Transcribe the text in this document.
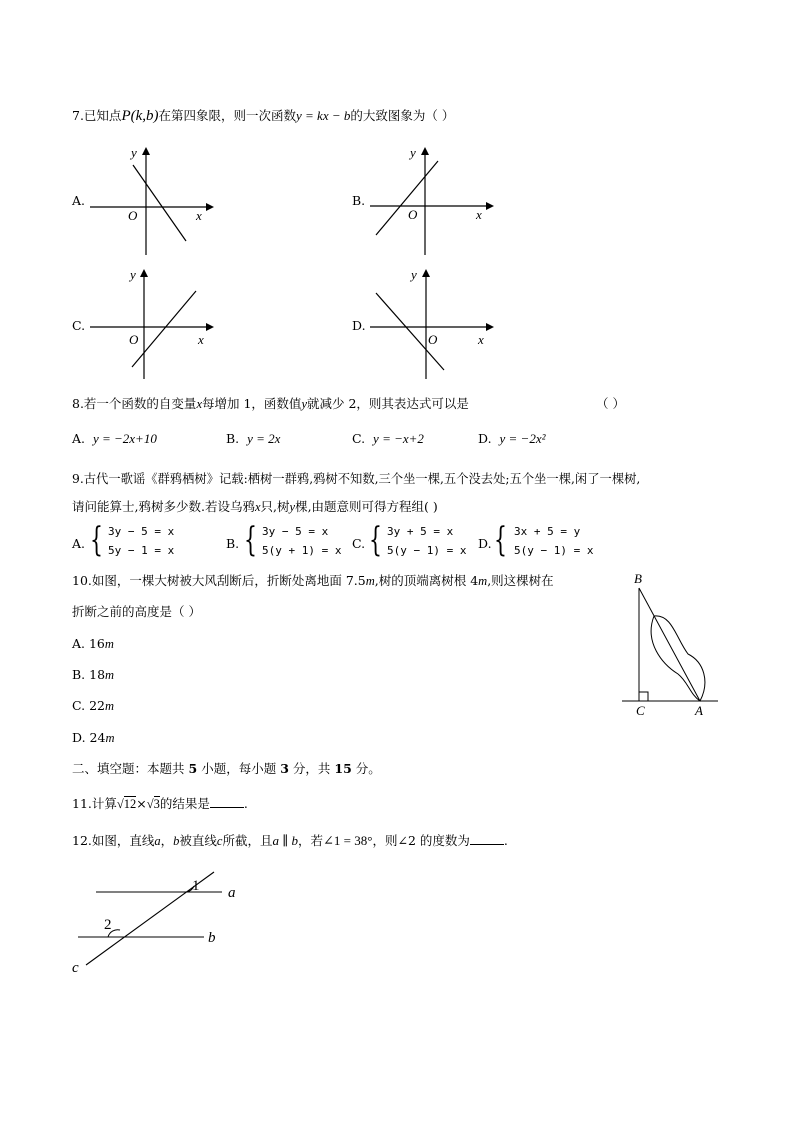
7.已知点P(k,b)在第四象限，则一次函数y = kx − b的大致图象为（ ）
A.
y
O	x
B.
y
O	x
C.
y
O	x
D.
y
O	x
8.若一个函数的自变量x每增加 1，函数值y就减少 2，则其表达式可以是	（ ）
A. y = −2x+10	B. y = 2x	C. y = −x+2	D. y = −2x²
9.古代一歌谣《群鸦栖树》记载:栖树一群鸦,鸦树不知数,三个坐一棵,五个没去处;五个坐一棵,闲了一棵树,
请问能算士,鸦树多少数.若设乌鸦x只,树y棵,由题意则可得方程组( )
A. { 3y − 5 = x
5y − 1 = x	B. { 3y − 5 = x
5(y + 1) = x C. { 3y + 5 = x
5(y − 1) = x D. { 3x + 5 = y
5(y − 1) = x
10.如图，一棵大树被大风刮断后，折断处离地面 7.5m,树的顶端离树根 4m,则这棵树在
折断之前的高度是（ ）
A. 16m
B. 18m
C. 22m
D. 24m
B
C	A
二、填空题：本题共 5 小题，每小题 3 分，共 15 分。
11.计算√12×√3的结果是	.
12.如图，直线a，b被直线c所截，且a ∥ b，若∠1 = 38°，则∠2 的度数为	.
1
2
a
b
c
